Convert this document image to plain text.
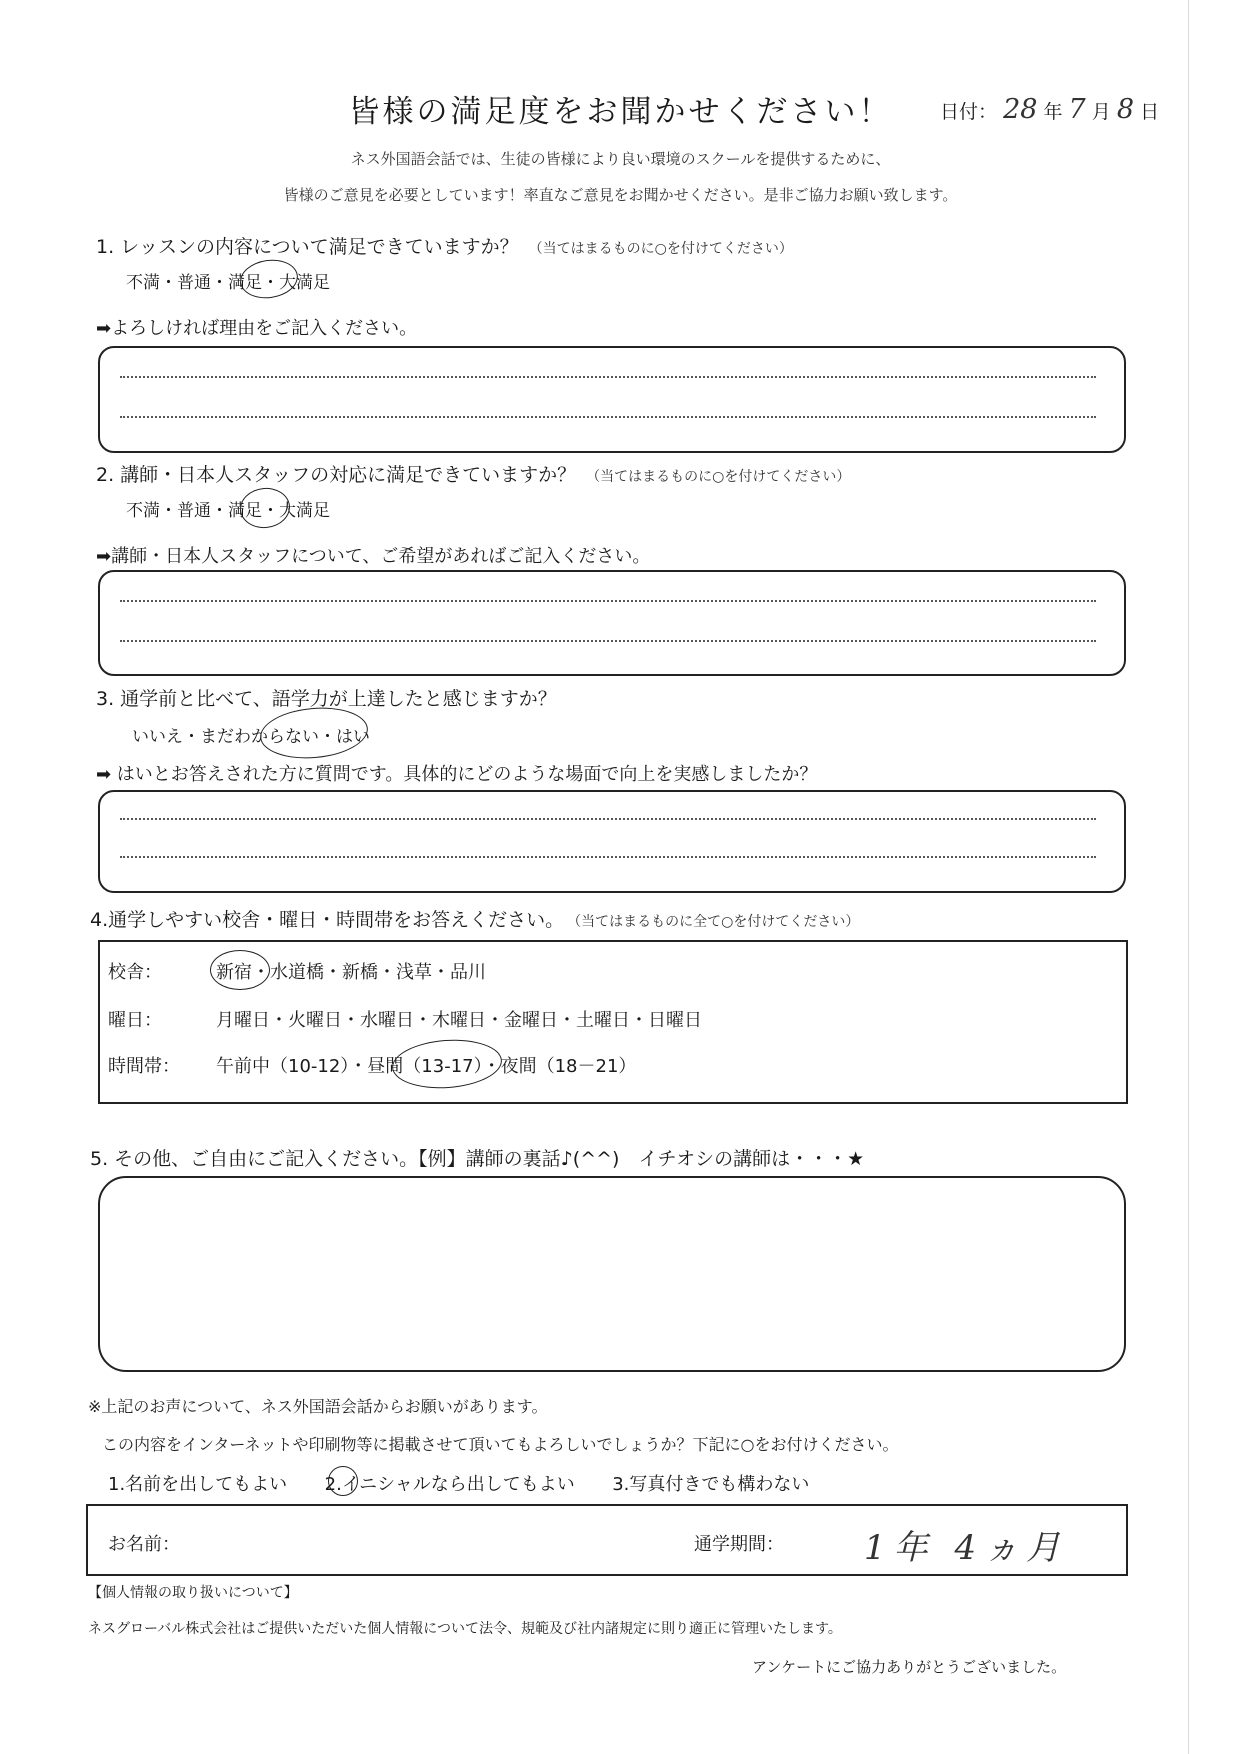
皆様の満足度をお聞かせください！	日付： 28 年 7 月 8 日
ネス外国語会話では、生徒の皆様により良い環境のスクールを提供するために、
皆様のご意見を必要としています！率直なご意見をお聞かせください。是非ご協力お願い致します。
1. レッスンの内容について満足できていますか？ （当てはまるものに○を付けてください）
不満・普通・満足・大満足
➡よろしければ理由をご記入ください。
2. 講師・日本人スタッフの対応に満足できていますか？ （当てはまるものに○を付けてください）
不満・普通・満足・大満足
➡講師・日本人スタッフについて、ご希望があればご記入ください。
3. 通学前と比べて、語学力が上達したと感じますか？
いいえ・まだわからない・はい
➡ はいとお答えされた方に質問です。具体的にどのような場面で向上を実感しましたか？
4.通学しやすい校舎・曜日・時間帯をお答えください。 （当てはまるものに全て○を付けてください）
校舎：	新宿・水道橋・新橋・浅草・品川
曜日：	月曜日・火曜日・水曜日・木曜日・金曜日・土曜日・日曜日
時間帯： 午前中（10-12）・昼間（13-17）・夜間（18－21）
5. その他、ご自由にご記入ください。【例】講師の裏話♪(^^)　イチオシの講師は・・・★
※上記のお声について、ネス外国語会話からお願いがあります。
この内容をインターネットや印刷物等に掲載させて頂いてもよろしいでしょうか？下記に○をお付けください。
1.名前を出してもよい 2.イニシャルなら出してもよい 3.写真付きでも構わない
お名前：	通学期間： 1年 4ヵ月
【個人情報の取り扱いについて】
ネスグローバル株式会社はご提供いただいた個人情報について法令、規範及び社内諸規定に則り適正に管理いたします。
アンケートにご協力ありがとうございました。
